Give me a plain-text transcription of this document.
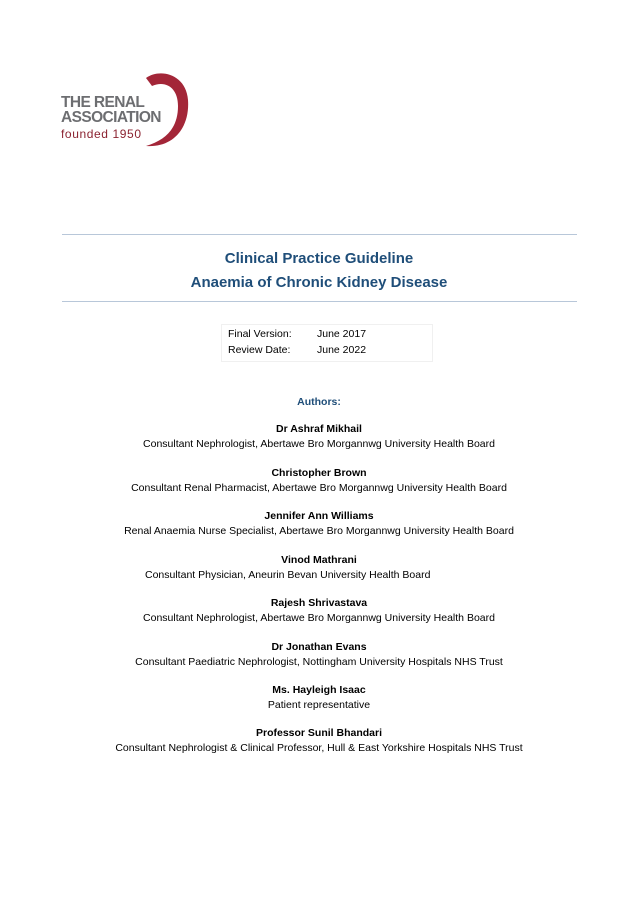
THE RENAL
ASSOCIATION
founded 1950
Clinical Practice Guideline
Anaemia of Chronic Kidney Disease
Final Version: June 2017
Review Date:	June 2022
Authors:
Dr Ashraf Mikhail
Consultant Nephrologist, Abertawe Bro Morgannwg University Health Board
Christopher Brown
Consultant Renal Pharmacist, Abertawe Bro Morgannwg University Health Board
Jennifer Ann Williams
Renal Anaemia Nurse Specialist, Abertawe Bro Morgannwg University Health Board
Vinod Mathrani
Consultant Physician, Aneurin Bevan University Health Board
Rajesh Shrivastava
Consultant Nephrologist, Abertawe Bro Morgannwg University Health Board
Dr Jonathan Evans
Consultant Paediatric Nephrologist, Nottingham University Hospitals NHS Trust
Ms. Hayleigh Isaac
Patient representative
Professor Sunil Bhandari
Consultant Nephrologist & Clinical Professor, Hull & East Yorkshire Hospitals NHS Trust
